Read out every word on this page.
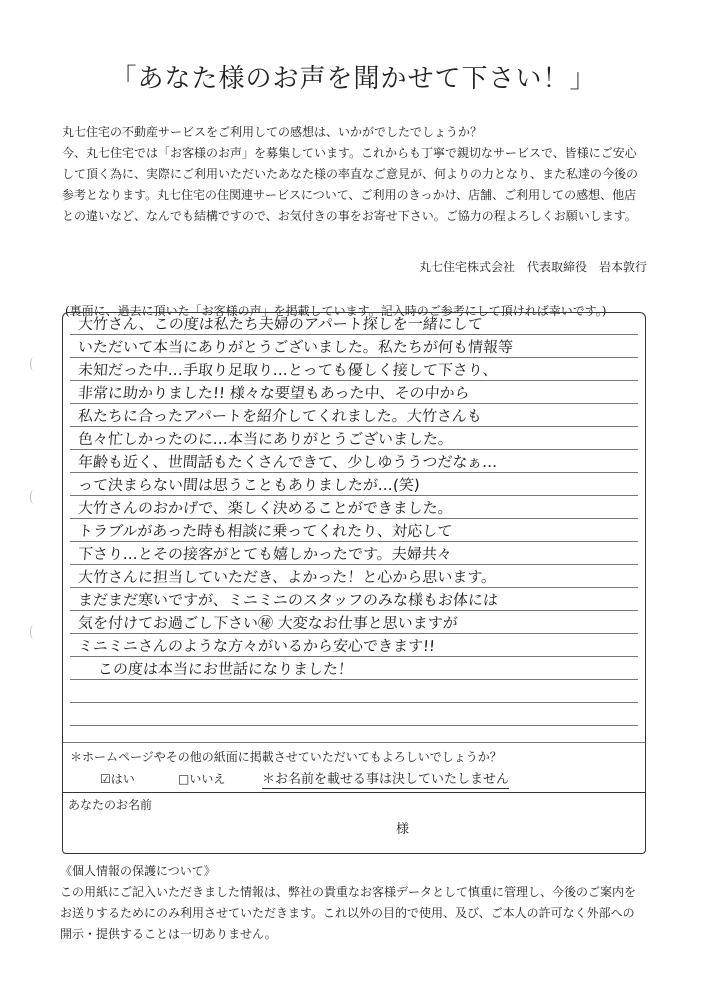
「あなた様のお声を聞かせて下さい！」

丸七住宅の不動産サービスをご利用しての感想は、いかがでしたでしょうか？

今、丸七住宅では「お客様のお声」を募集しています。これからも丁寧で親切なサービスで、皆様にご安心

して頂く為に、実際にご利用いただいたあなた様の率直なご意見が、何よりの力となり、また私達の今後の

参考となります。丸七住宅の住関連サービスについて、ご利用のきっかけ、店舗、ご利用しての感想、他店

との違いなど、なんでも結構ですので、お気付きの事をお寄せ下さい。ご協力の程よろしくお願いします。

丸七住宅株式会社　代表取締役　岩本敦行
(裏面に、過去に頂いた「お客様の声」を掲載しています。記入時のご参考にして頂ければ幸いです。)
大竹さん、この度は私たち夫婦のアパート探しを一緒にして
いただいて本当にありがとうございました。私たちが何も情報等
未知だった中…手取り足取り…とっても優しく接して下さり、
非常に助かりました!! 様々な要望もあった中、その中から
私たちに合ったアパートを紹介してくれました。大竹さんも
色々忙しかったのに…本当にありがとうございました。
年齢も近く、世間話もたくさんできて、少しゆううつだなぁ…
って決まらない間は思うこともありましたが…(笑)
大竹さんのおかげで、楽しく決めることができました。
トラブルがあった時も相談に乗ってくれたり、対応して
下さり…とその接客がとても嬉しかったです。夫婦共々
大竹さんに担当していただき、よかった！と心から思います。
まだまだ寒いですが、ミニミニのスタッフのみな様もお体には
気を付けてお過ごし下さい㊙ 大変なお仕事と思いますが
ミニミニさんのような方々がいるから安心できます!!
この度は本当にお世話になりました！
＊ホームページやその他の紙面に掲載させていただいてもよろしいでしょうか？
☑はい	□いいえ	＊お名前を載せる事は決していたしません
あなたのお名前
様
《個人情報の保護について》

この用紙にご記入いただきました情報は、弊社の貴重なお客様データとして慎重に管理し、今後のご案内を

お送りするためにのみ利用させていただきます。これ以外の目的で使用、及び、ご本人の許可なく外部への

開示・提供することは一切ありません。
